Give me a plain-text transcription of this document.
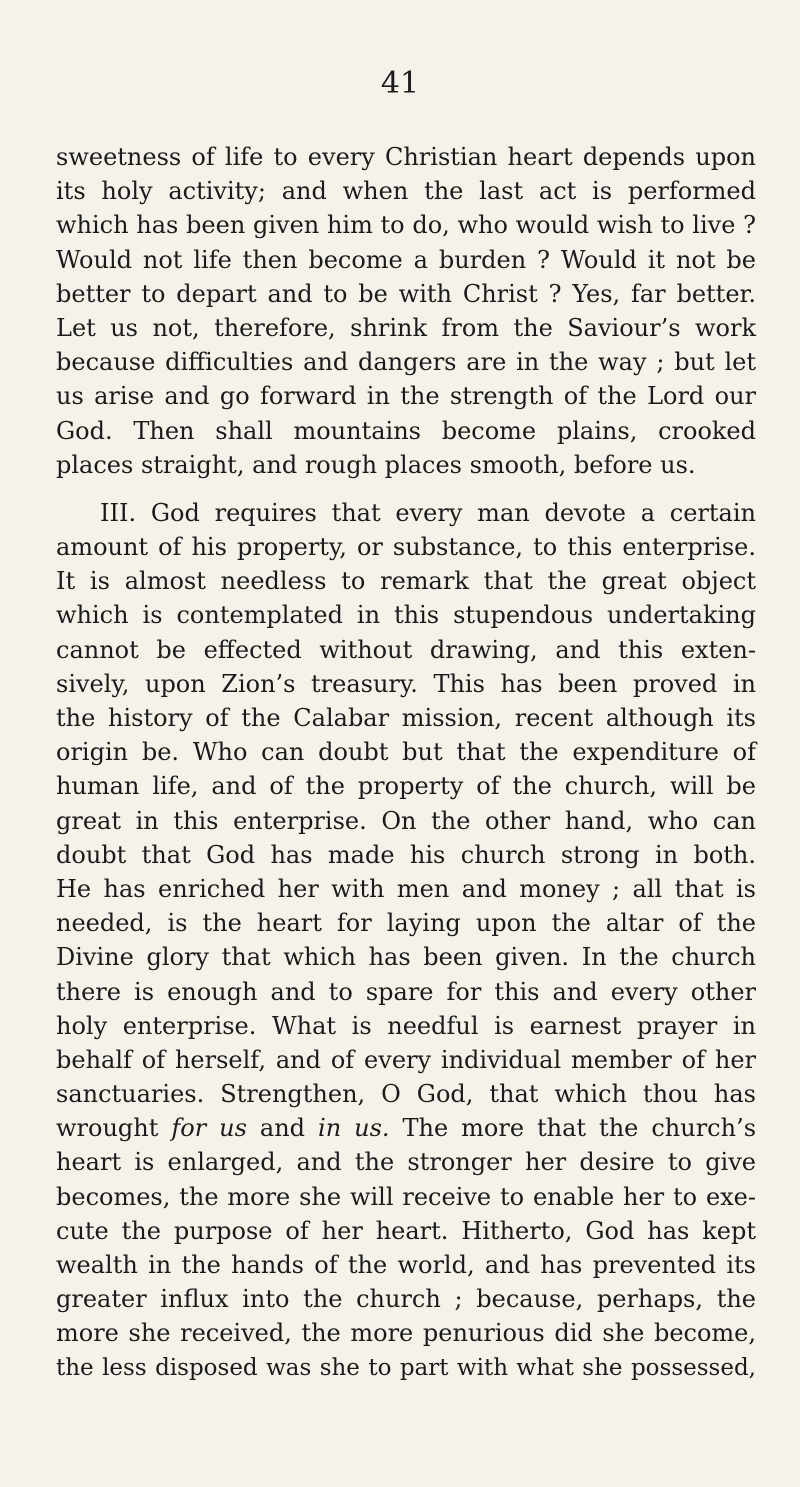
41
sweetness of life to every Christian heart depends upon
its holy activity; and when the last act is performed
which has been given him to do, who would wish to live ?
Would not life then become a burden ? Would it not be
better to depart and to be with Christ ? Yes, far better.
Let us not, therefore, shrink from the Saviour’s work
because difficulties and dangers are in the way ; but let
us arise and go forward in the strength of the Lord our
God. Then shall mountains become plains, crooked
places straight, and rough places smooth, before us.
III. God requires that every man devote a certain
amount of his property, or substance, to this enterprise.
It is almost needless to remark that the great object
which is contemplated in this stupendous undertaking
cannot be effected without drawing, and this exten-
sively, upon Zion’s treasury. This has been proved in
the history of the Calabar mission, recent although its
origin be. Who can doubt but that the expenditure of
human life, and of the property of the church, will be
great in this enterprise. On the other hand, who can
doubt that God has made his church strong in both.
He has enriched her with men and money ; all that is
needed, is the heart for laying upon the altar of the
Divine glory that which has been given. In the church
there is enough and to spare for this and every other
holy enterprise. What is needful is earnest prayer in
behalf of herself, and of every individual member of her
sanctuaries. Strengthen, O God, that which thou has
wrought for us and in us. The more that the church’s
heart is enlarged, and the stronger her desire to give
becomes, the more she will receive to enable her to exe-
cute the purpose of her heart. Hitherto, God has kept
wealth in the hands of the world, and has prevented its
greater influx into the church ; because, perhaps, the
more she received, the more penurious did she become,
the less disposed was she to part with what she possessed,
